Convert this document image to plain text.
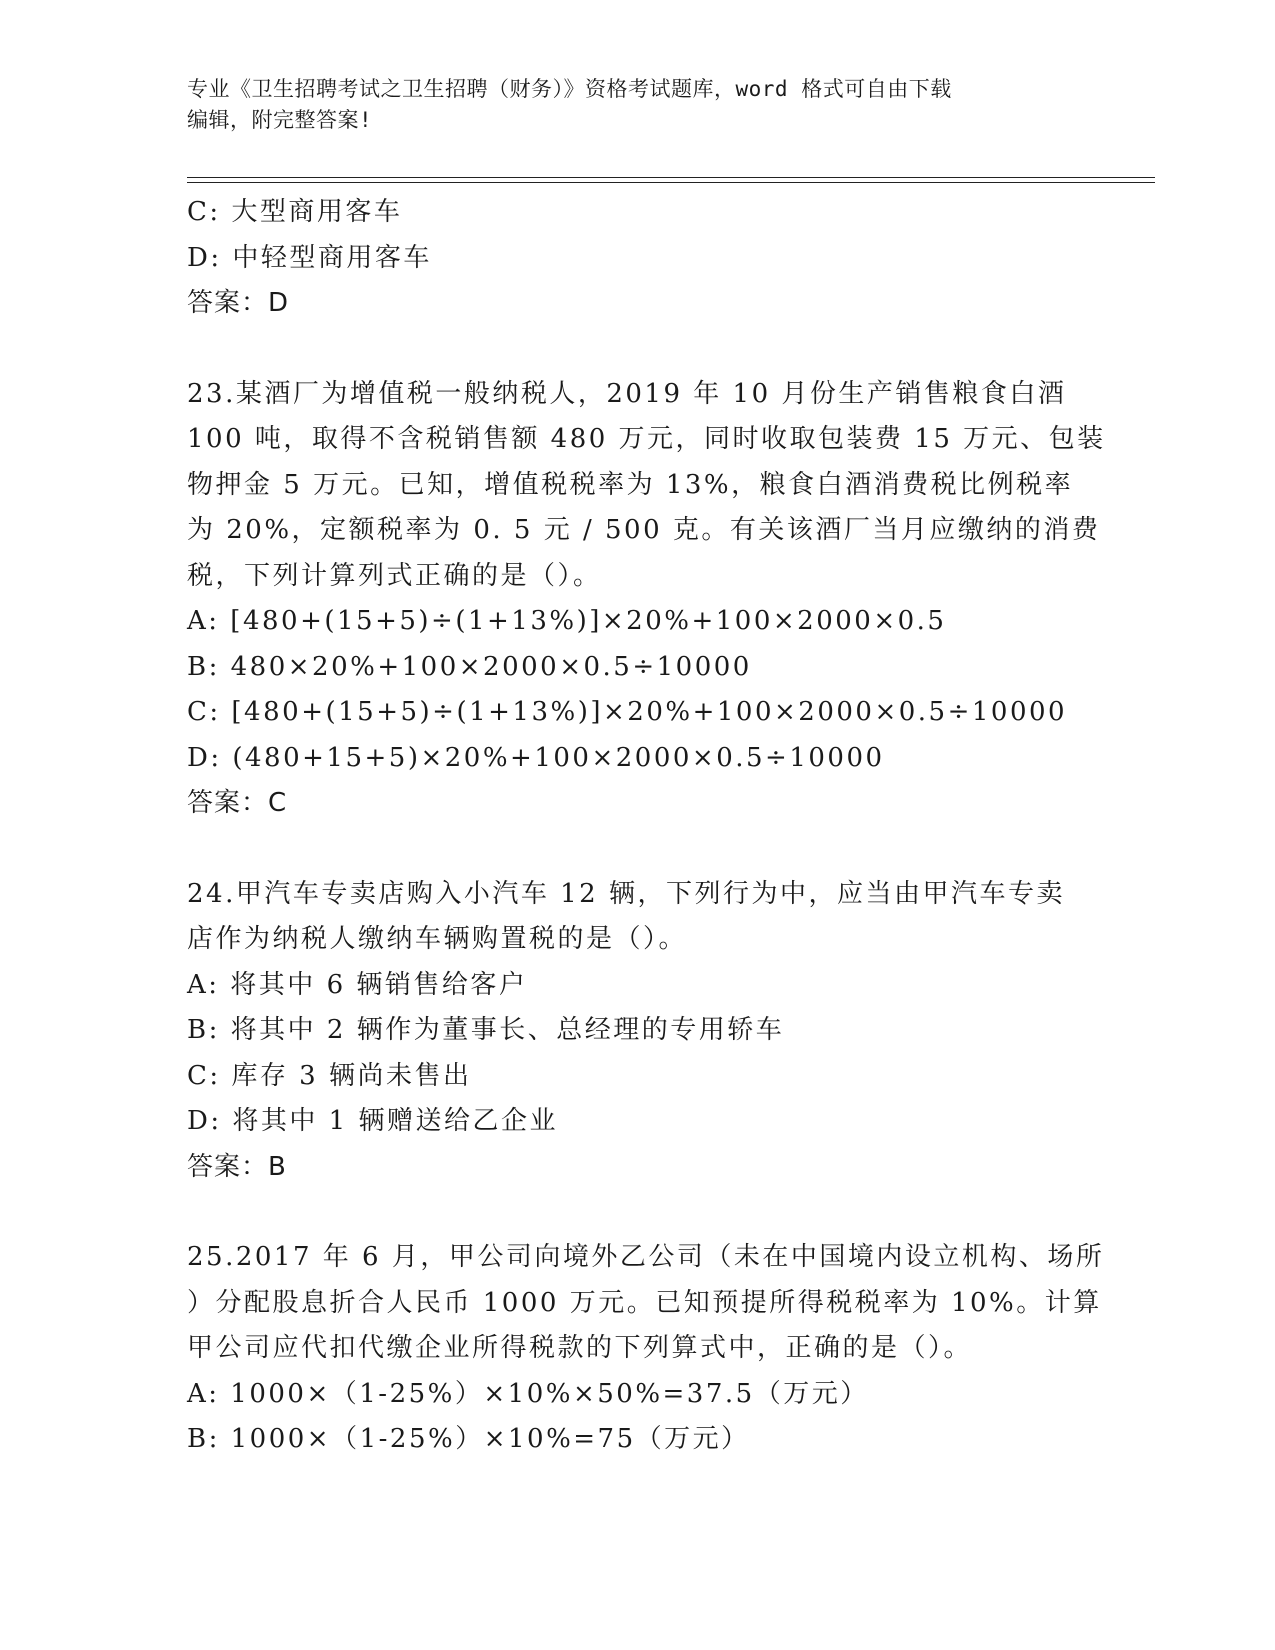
专业《卫生招聘考试之卫生招聘（财务）》资格考试题库，word 格式可自由下载
编辑，附完整答案!
C: 大型商用客车
D: 中轻型商用客车
答案：D
23.某酒厂为增值税一般纳税人，2019 年 10 月份生产销售粮食白酒
100 吨，取得不含税销售额 480 万元，同时收取包装费 15 万元、包装
物押金 5 万元。已知，增值税税率为 13%，粮食白酒消费税比例税率
为 20%，定额税率为 0. 5 元 / 500 克。有关该酒厂当月应缴纳的消费
税，下列计算列式正确的是（）。
A: [480+(15+5)÷(1+13%)]×20%+100×2000×0.5
B: 480×20%+100×2000×0.5÷10000
C: [480+(15+5)÷(1+13%)]×20%+100×2000×0.5÷10000
D: (480+15+5)×20%+100×2000×0.5÷10000
答案：C
24.甲汽车专卖店购入小汽车 12 辆，下列行为中，应当由甲汽车专卖
店作为纳税人缴纳车辆购置税的是（）。
A: 将其中 6 辆销售给客户
B: 将其中 2 辆作为董事长、总经理的专用轿车
C: 库存 3 辆尚未售出
D: 将其中 1 辆赠送给乙企业
答案：B
25.2017 年 6 月，甲公司向境外乙公司（未在中国境内设立机构、场所
）分配股息折合人民币 1000 万元。已知预提所得税税率为 10%。计算
甲公司应代扣代缴企业所得税款的下列算式中，正确的是（）。
A: 1000×（1-25%）×10%×50%=37.5（万元）
B: 1000×（1-25%）×10%=75（万元）
